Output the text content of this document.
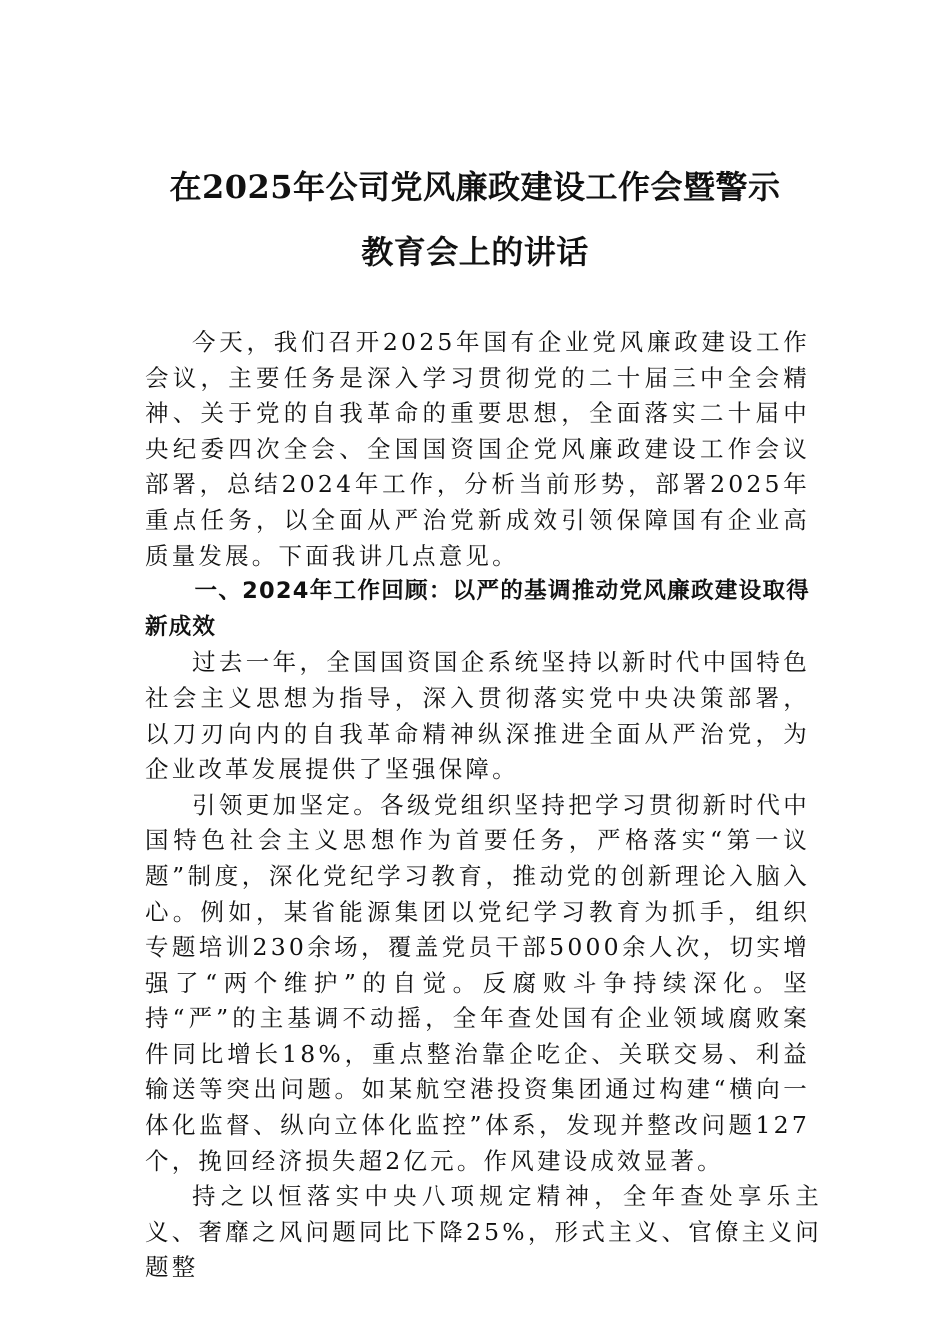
在2025年公司党风廉政建设工作会暨警示
教育会上的讲话

今天，我们召开2025年国有企业党风廉政建设工作会议，主要任务是深入学习贯彻党的二十届三中全会精神、关于党的自我革命的重要思想，全面落实二十届中央纪委四次全会、全国国资国企党风廉政建设工作会议部署，总结2024年工作，分析当前形势，部署2025年重点任务，以全面从严治党新成效引领保障国有企业高质量发展。下面我讲几点意见。

一、2024年工作回顾：以严的基调推动党风廉政建设取得新成效

过去一年，全国国资国企系统坚持以新时代中国特色社会主义思想为指导，深入贯彻落实党中央决策部署，以刀刃向内的自我革命精神纵深推进全面从严治党，为企业改革发展提供了坚强保障。

引领更加坚定。各级党组织坚持把学习贯彻新时代中国特色社会主义思想作为首要任务，严格落实“第一议题”制度，深化党纪学习教育，推动党的创新理论入脑入心。例如，某省能源集团以党纪学习教育为抓手，组织专题培训230余场，覆盖党员干部5000余人次，切实增强了“两个维护”的自觉。反腐败斗争持续深化。坚持“严”的主基调不动摇，全年查处国有企业领域腐败案件同比增长18%，重点整治靠企吃企、关联交易、利益输送等突出问题。如某航空港投资集团通过构建“横向一体化监督、纵向立体化监控”体系，发现并整改问题127个，挽回经济损失超2亿元。作风建设成效显著。

持之以恒落实中央八项规定精神，全年查处享乐主义、奢靡之风问题同比下降25%，形式主义、官僚主义问题整
